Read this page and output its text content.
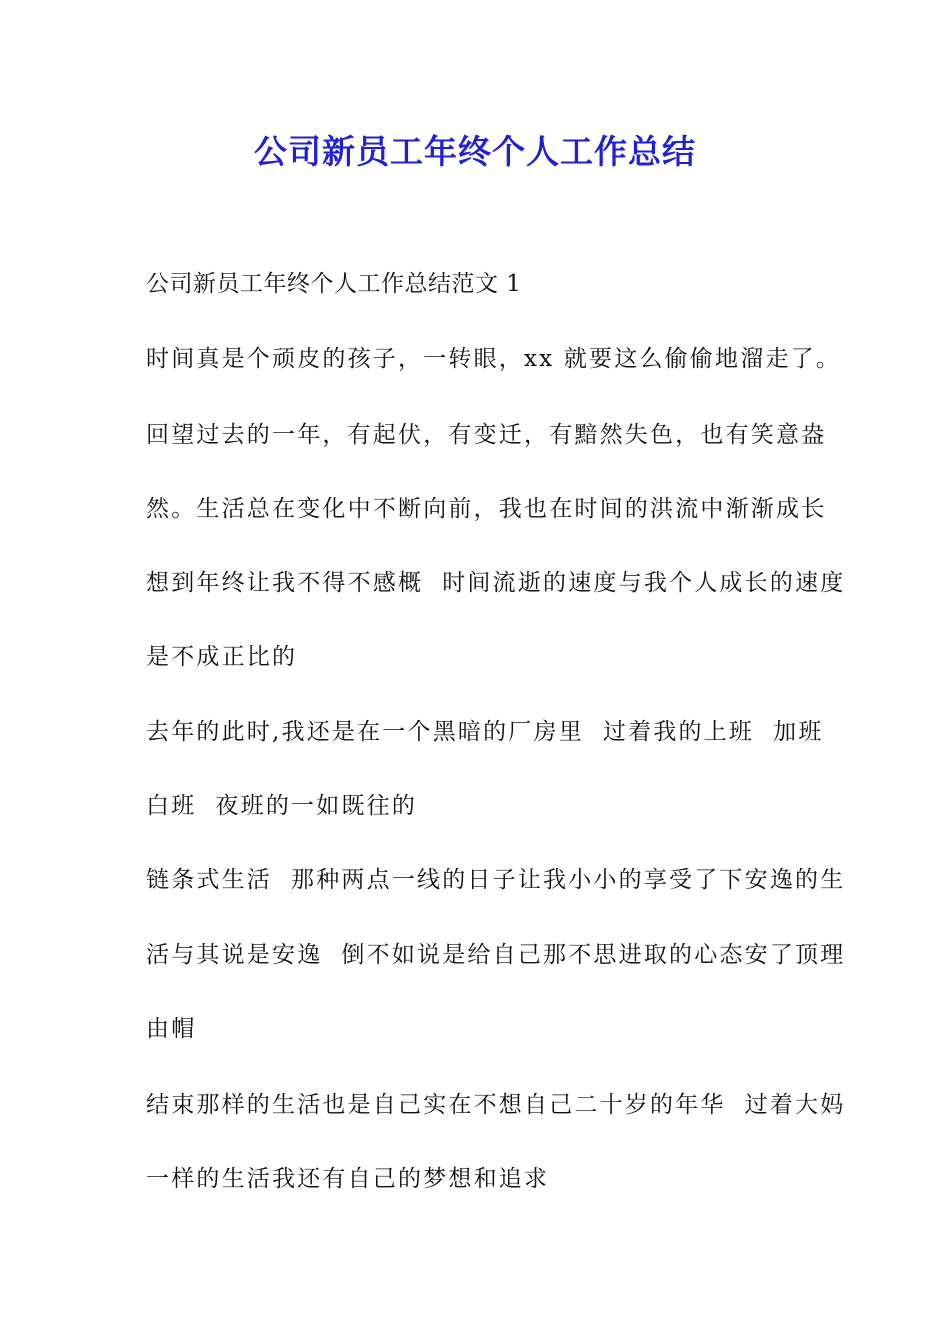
公司新员工年终个人工作总结

公司新员工年终个人工作总结范文 1

时间真是个顽皮的孩子，一转眼，xx 就要这么偷偷地溜走了。

回望过去的一年，有起伏，有变迁，有黯然失色，也有笑意盎

然。生活总在变化中不断向前，我也在时间的洪流中渐渐成长

想到年终让我不得不感概  时间流逝的速度与我个人成长的速度

是不成正比的

去年的此时,我还是在一个黑暗的厂房里  过着我的上班  加班

白班  夜班的一如既往的

链条式生活  那种两点一线的日子让我小小的享受了下安逸的生

活与其说是安逸  倒不如说是给自己那不思进取的心态安了顶理

由帽

结束那样的生活也是自己实在不想自己二十岁的年华  过着大妈

一样的生活我还有自己的梦想和追求
